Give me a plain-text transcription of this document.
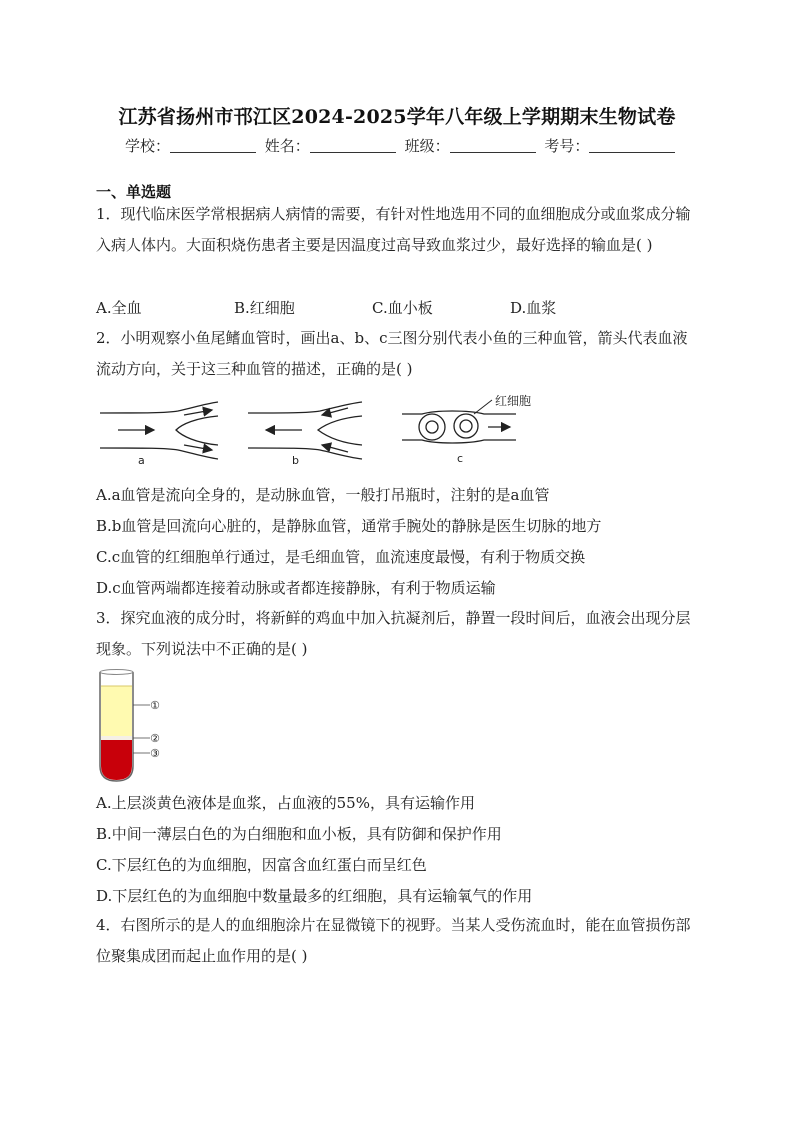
江苏省扬州市邗江区2024-2025学年八年级上学期期末生物试卷
学校：	姓名：	班级：	考号：
一、单选题
1．现代临床医学常根据病人病情的需要，有针对性地选用不同的血细胞成分或血浆成分输入病人体内。大面积烧伤患者主要是因温度过高导致血浆过少，最好选择的输血是( )
A.全血	B.红细胞	C.血小板	D.血浆
2．小明观察小鱼尾鳍血管时，画出a、b、c三图分别代表小鱼的三种血管，箭头代表血液流动方向，关于这三种血管的描述，正确的是( )
a	b
红细胞
c
A.a血管是流向全身的，是动脉血管，一般打吊瓶时，注射的是a血管
B.b血管是回流向心脏的，是静脉血管，通常手腕处的静脉是医生切脉的地方
C.c血管的红细胞单行通过，是毛细血管，血流速度最慢，有利于物质交换
D.c血管两端都连接着动脉或者都连接静脉，有利于物质运输
3．探究血液的成分时，将新鲜的鸡血中加入抗凝剂后，静置一段时间后，血液会出现分层现象。下列说法中不正确的是( )
①
②
③
A.上层淡黄色液体是血浆，占血液的55%，具有运输作用
B.中间一薄层白色的为白细胞和血小板，具有防御和保护作用
C.下层红色的为血细胞，因富含血红蛋白而呈红色
D.下层红色的为血细胞中数量最多的红细胞，具有运输氧气的作用
4．右图所示的是人的血细胞涂片在显微镜下的视野。当某人受伤流血时，能在血管损伤部位聚集成团而起止血作用的是( )
